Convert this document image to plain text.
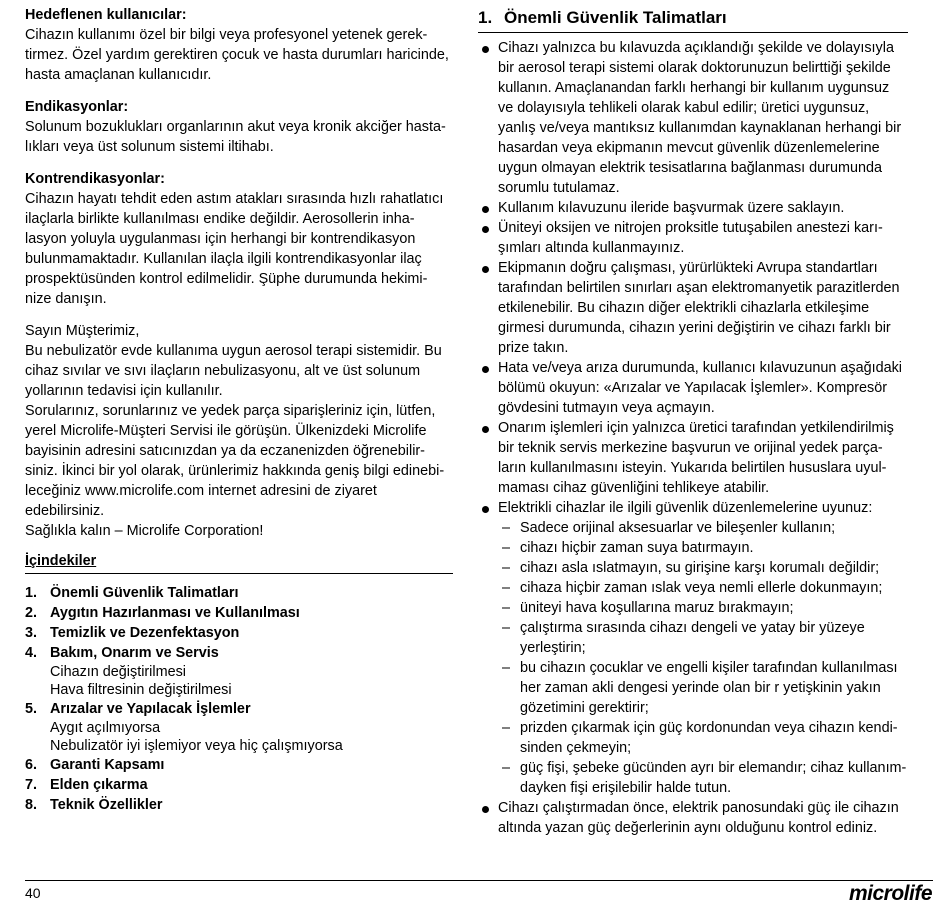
Hedeflenen kullanıcılar:

Cihazın kullanımı özel bir bilgi veya profesyonel yetenek gerek-
tirmez. Özel yardım gerektiren çocuk ve hasta durumları haricinde,
hasta amaçlanan kullanıcıdır.

Endikasyonlar:

Solunum bozuklukları organlarının akut veya kronik akciğer hasta-
lıkları veya üst solunum sistemi iltihabı.

Kontrendikasyonlar:

Cihazın hayatı tehdit eden astım atakları sırasında hızlı rahatlatıcı
ilaçlarla birlikte kullanılması endike değildir. Aerosollerin inha-
lasyon yoluyla uygulanması için herhangi bir kontrendikasyon
bulunmamaktadır. Kullanılan ilaçla ilgili kontrendikasyonlar ilaç
prospektüsünden kontrol edilmelidir. Şüphe durumunda hekimi-
nize danışın.

Sayın Müşterimiz,
Bu nebulizatör evde kullanıma uygun aerosol terapi sistemidir. Bu
cihaz sıvılar ve sıvı ilaçların nebulizasyonu, alt ve üst solunum
yollarının tedavisi için kullanılır.
Sorularınız, sorunlarınız ve yedek parça siparişleriniz için, lütfen,
yerel Microlife-Müşteri Servisi ile görüşün. Ülkenizdeki Microlife
bayisinin adresini satıcınızdan ya da eczanenizden öğrenebilir-
siniz. İkinci bir yol olarak, ürünlerimiz hakkında geniş bilgi edinebi-
leceğiniz www.microlife.com internet adresini de ziyaret
edebilirsiniz.
Sağlıkla kalın – Microlife Corporation!

İçindekiler
1. Önemli Güvenlik Talimatları
2. Aygıtın Hazırlanması ve Kullanılması
3. Temizlik ve Dezenfektasyon
4. Bakım, Onarım ve Servis
Cihazın değiştirilmesi
Hava filtresinin değiştirilmesi
5. Arızalar ve Yapılacak İşlemler
Aygıt açılmıyorsa
Nebulizatör iyi işlemiyor veya hiç çalışmıyorsa
6. Garanti Kapsamı
7. Elden çıkarma
8. Teknik Özellikler
1. Önemli Güvenlik Talimatları
Cihazı yalnızca bu kılavuzda açıklandığı şekilde ve dolayısıyla
bir aerosol terapi sistemi olarak doktorunuzun belirttiği şekilde
kullanın. Amaçlanandan farklı herhangi bir kullanım uygunsuz
ve dolayısıyla tehlikeli olarak kabul edilir; üretici uygunsuz,
yanlış ve/veya mantıksız kullanımdan kaynaklanan herhangi bir
hasardan veya ekipmanın mevcut güvenlik düzenlemelerine
uygun olmayan elektrik tesisatlarına bağlanması durumunda
sorumlu tutulamaz.
Kullanım kılavuzunu ileride başvurmak üzere saklayın.
Üniteyi oksijen ve nitrojen proksitle tutuşabilen anestezi karı-
şımları altında kullanmayınız.
Ekipmanın doğru çalışması, yürürlükteki Avrupa standartları
tarafından belirtilen sınırları aşan elektromanyetik parazitlerden
etkilenebilir. Bu cihazın diğer elektrikli cihazlarla etkileşime
girmesi durumunda, cihazın yerini değiştirin ve cihazı farklı bir
prize takın.
Hata ve/veya arıza durumunda, kullanıcı kılavuzunun aşağıdaki
bölümü okuyun: «Arızalar ve Yapılacak İşlemler». Kompresör
gövdesini tutmayın veya açmayın.
Onarım işlemleri için yalnızca üretici tarafından yetkilendirilmiş
bir teknik servis merkezine başvurun ve orijinal yedek parça-
ların kullanılmasını isteyin. Yukarıda belirtilen hususlara uyul-
maması cihaz güvenliğini tehlikeye atabilir.
Elektrikli cihazlar ile ilgili güvenlik düzenlemelerine uyunuz:
– Sadece orijinal aksesuarlar ve bileşenler kullanın;
– cihazı hiçbir zaman suya batırmayın.
– cihazı asla ıslatmayın, su girişine karşı korumalı değildir;
– cihaza hiçbir zaman ıslak veya nemli ellerle dokunmayın;
– üniteyi hava koşullarına maruz bırakmayın;
– çalıştırma sırasında cihazı dengeli ve yatay bir yüzeye
yerleştirin;
– bu cihazın çocuklar ve engelli kişiler tarafından kullanılması
her zaman akli dengesi yerinde olan bir r yetişkinin yakın
gözetimini gerektirir;
– prizden çıkarmak için güç kordonundan veya cihazın kendi-
sinden çekmeyin;
– güç fişi, şebeke gücünden ayrı bir elemandır; cihaz kullanım-
dayken fişi erişilebilir halde tutun.
Cihazı çalıştırmadan önce, elektrik panosundaki güç ile cihazın
altında yazan güç değerlerinin aynı olduğunu kontrol ediniz.
40	microlife
